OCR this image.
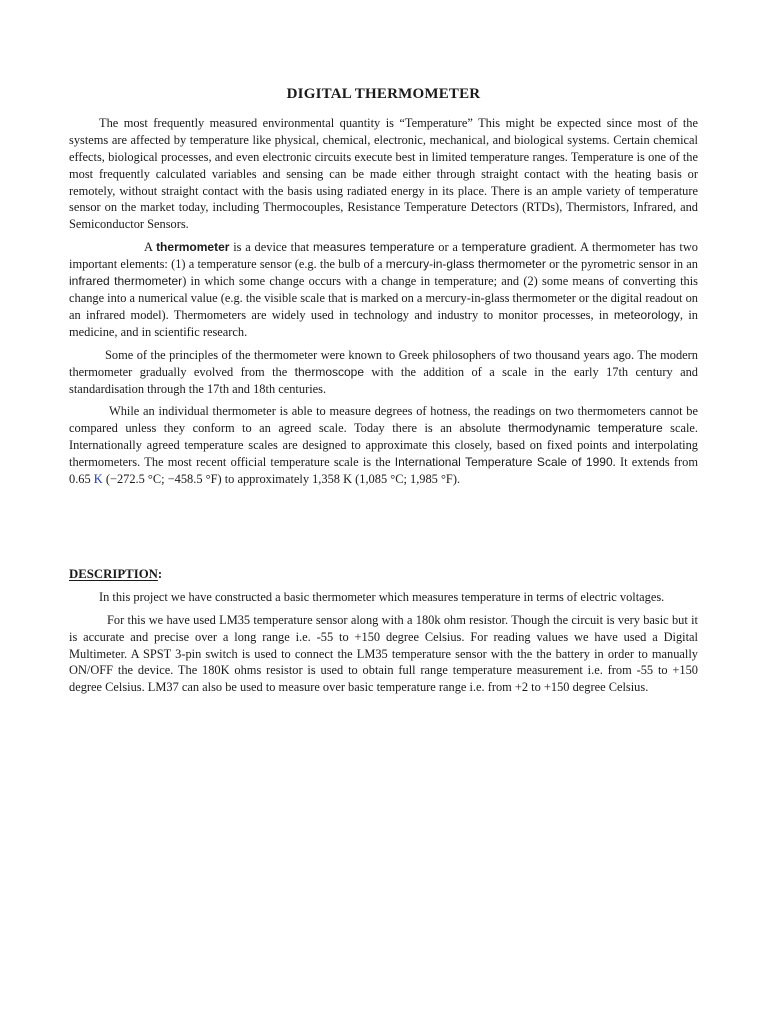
DIGITAL THERMOMETER

The most frequently measured environmental quantity is “Temperature” This might be expected since most of the systems are affected by temperature like physical, chemical, electronic, mechanical, and biological systems. Certain chemical effects, biological processes, and even electronic circuits execute best in limited temperature ranges. Temperature is one of the most frequently calculated variables and sensing can be made either through straight contact with the heating basis or remotely, without straight contact with the basis using radiated energy in its place. There is an ample variety of temperature sensor on the market today, including Thermocouples, Resistance Temperature Detectors (RTDs), Thermistors, Infrared, and Semiconductor Sensors.

A thermometer is a device that measures temperature or a temperature gradient. A thermometer has two important elements: (1) a temperature sensor (e.g. the bulb of a mercury-in-glass thermometer or the pyrometric sensor in an infrared thermometer) in which some change occurs with a change in temperature; and (2) some means of converting this change into a numerical value (e.g. the visible scale that is marked on a mercury-in-glass thermometer or the digital readout on an infrared model). Thermometers are widely used in technology and industry to monitor processes, in meteorology, in medicine, and in scientific research.

Some of the principles of the thermometer were known to Greek philosophers of two thousand years ago. The modern thermometer gradually evolved from the thermoscope with the addition of a scale in the early 17th century and standardisation through the 17th and 18th centuries.

While an individual thermometer is able to measure degrees of hotness, the readings on two thermometers cannot be compared unless they conform to an agreed scale. Today there is an absolute thermodynamic temperature scale. Internationally agreed temperature scales are designed to approximate this closely, based on fixed points and interpolating thermometers. The most recent official temperature scale is the International Temperature Scale of 1990. It extends from 0.65 K (−272.5 °C; −458.5 °F) to approximately 1,358 K (1,085 °C; 1,985 °F).

DESCRIPTION:

In this project we have constructed a basic thermometer which measures temperature in terms of electric voltages.

For this we have used LM35 temperature sensor along with a 180k ohm resistor. Though the circuit is very basic but it is accurate and precise over a long range i.e. -55 to +150 degree Celsius. For reading values we have used a Digital Multimeter. A SPST 3-pin switch is used to connect the LM35 temperature sensor with the the battery in order to manually ON/OFF the device. The 180K ohms resistor is used to obtain full range temperature measurement i.e. from -55 to +150 degree Celsius. LM37 can also be used to measure over basic temperature range i.e. from +2 to +150 degree Celsius.
